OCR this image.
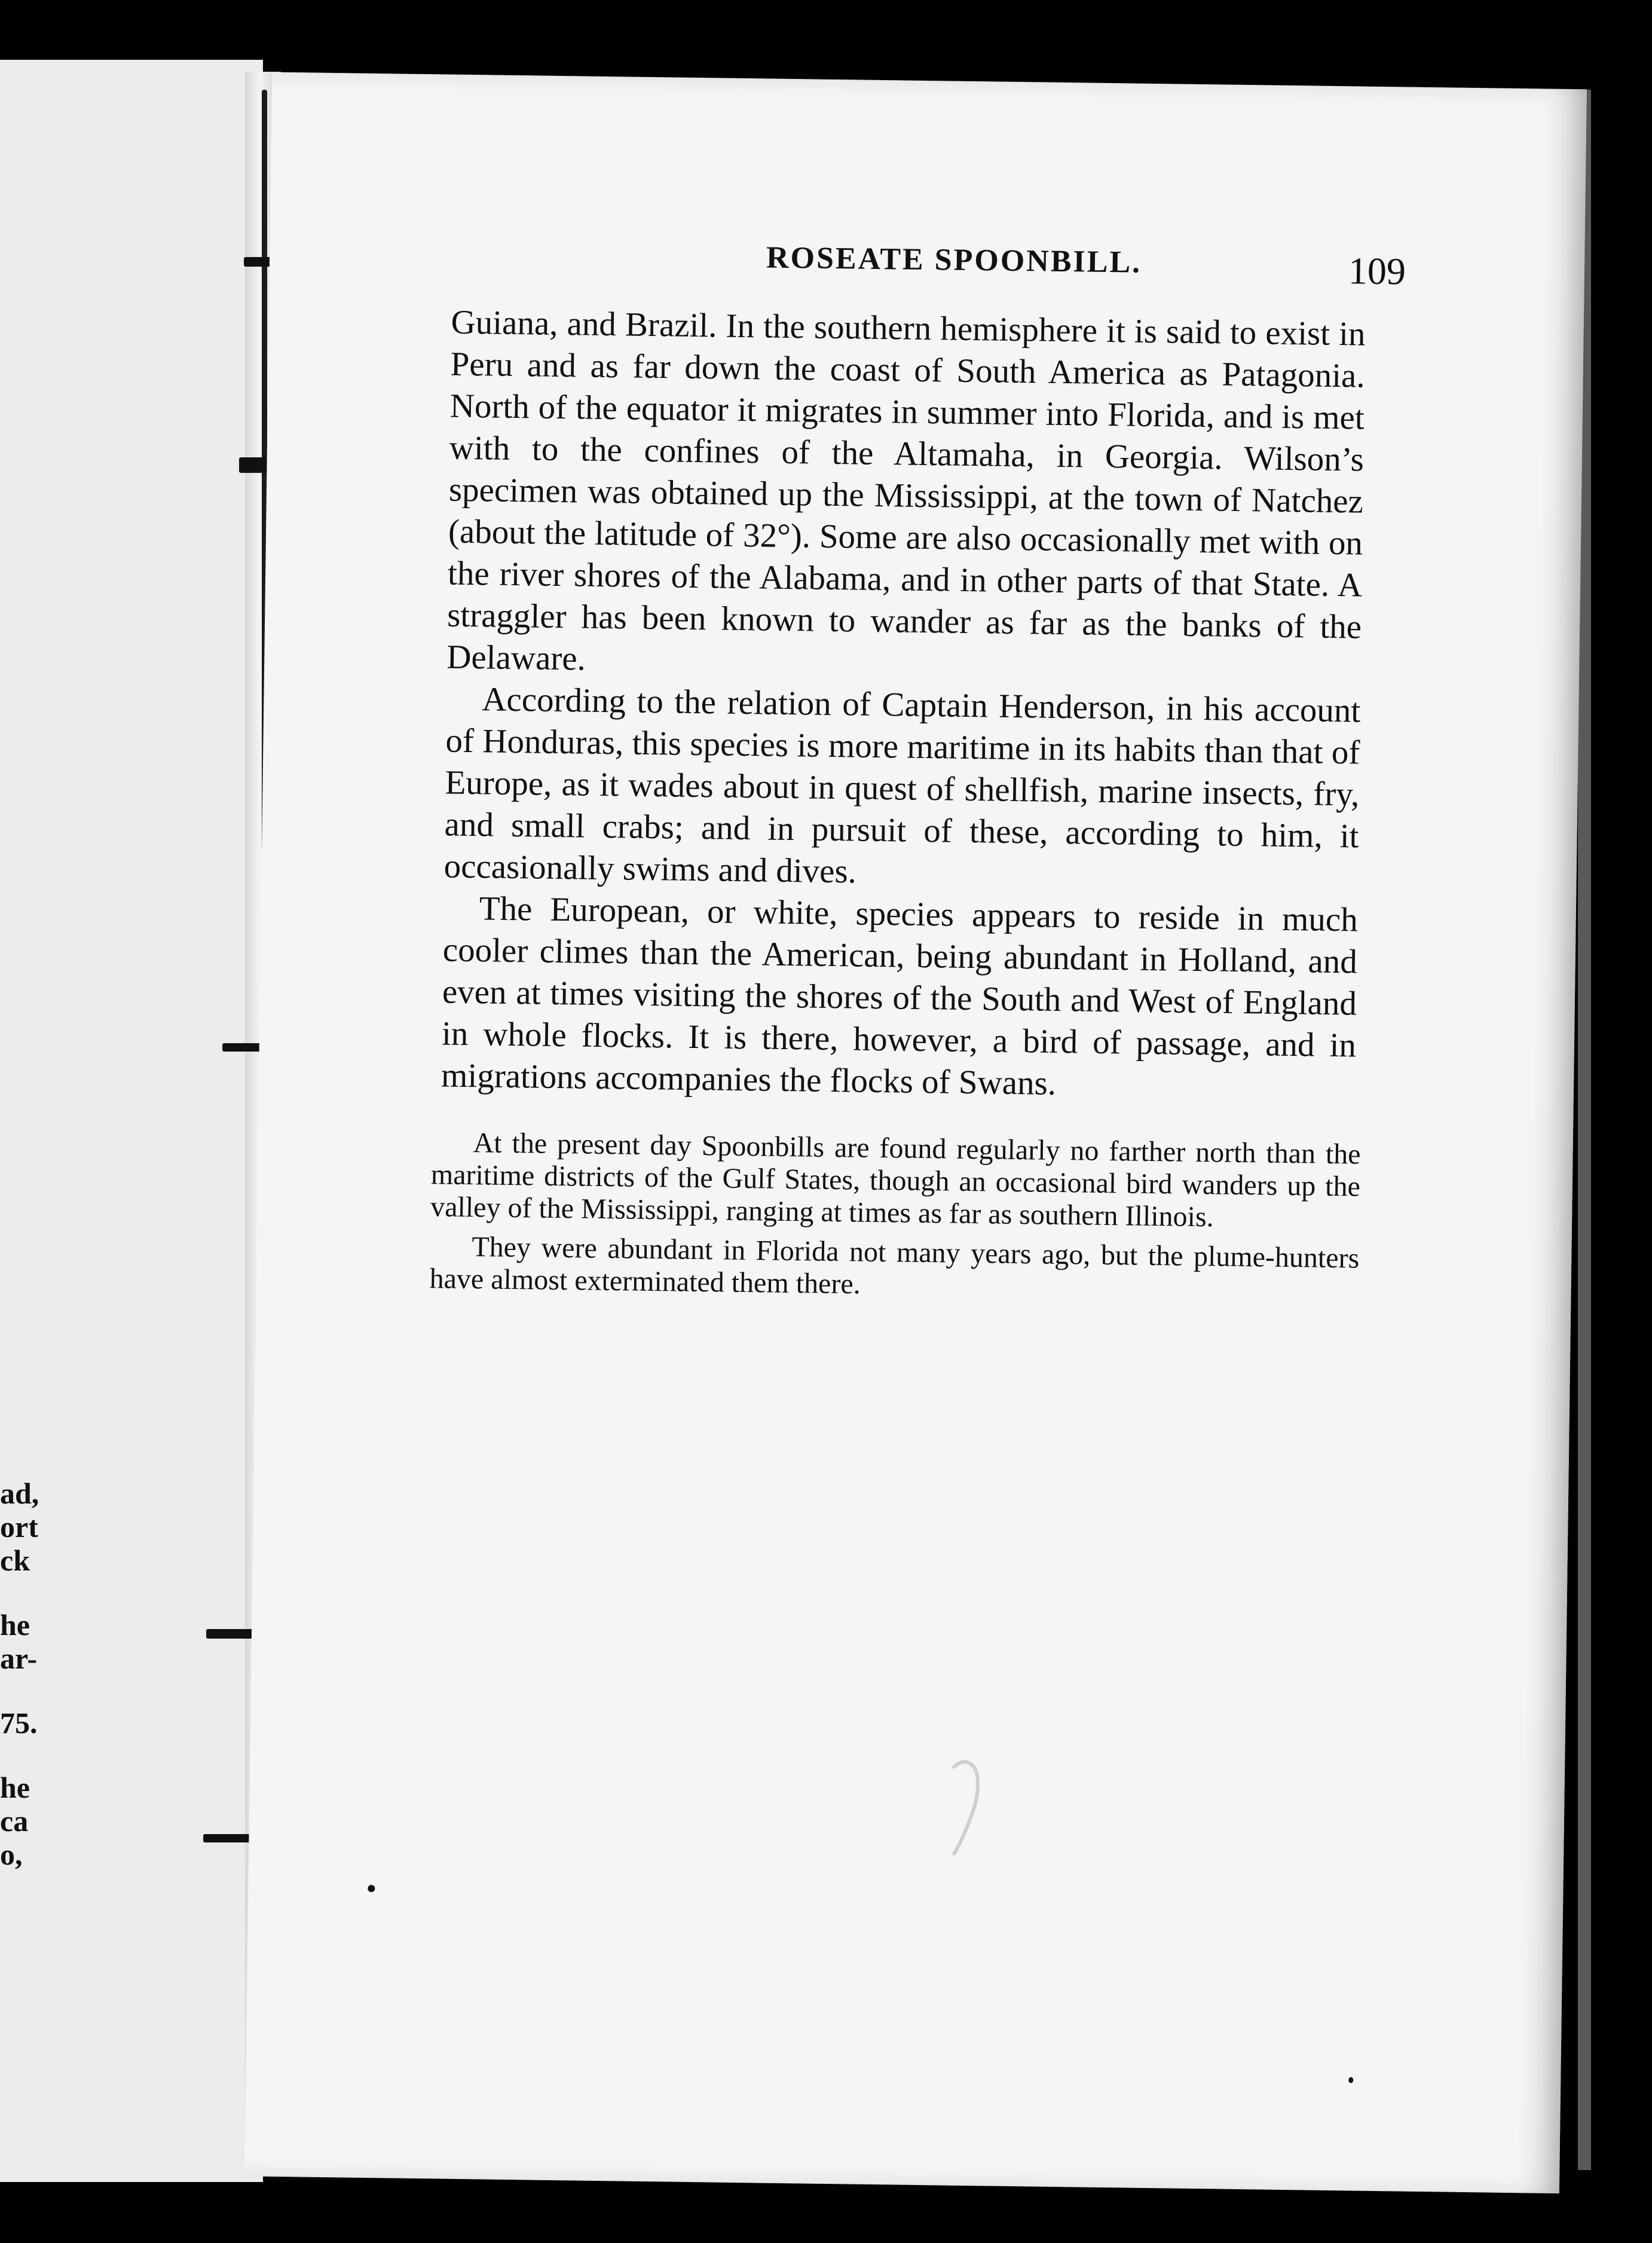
ad,
ort
ck
he
ar-
75.
he
ca
o,
ROSEATE SPOONBILL.	109

Guiana, and Brazil. In the southern hemisphere it is said to exist in Peru and as far down the coast of South America as Patagonia. North of the equator it migrates in summer into Florida, and is met with to the confines of the Altamaha, in Georgia. Wilson’s specimen was obtained up the Mississippi, at the town of Natchez (about the latitude of 32°). Some are also occasionally met with on the river shores of the Alabama, and in other parts of that State. A straggler has been known to wander as far as the banks of the Delaware.

According to the relation of Captain Henderson, in his account of Honduras, this species is more maritime in its habits than that of Europe, as it wades about in quest of shellfish, marine insects, fry, and small crabs; and in pursuit of these, according to him, it occasionally swims and dives.

The European, or white, species appears to reside in much cooler climes than the American, being abundant in Holland, and even at times visiting the shores of the South and West of England in whole flocks. It is there, however, a bird of passage, and in migrations accompanies the flocks of Swans.

At the present day Spoonbills are found regularly no farther north than the maritime districts of the Gulf States, though an occasional bird wanders up the valley of the Mississippi, ranging at times as far as southern Illinois.

They were abundant in Florida not many years ago, but the plume-hunters have almost exterminated them there.
